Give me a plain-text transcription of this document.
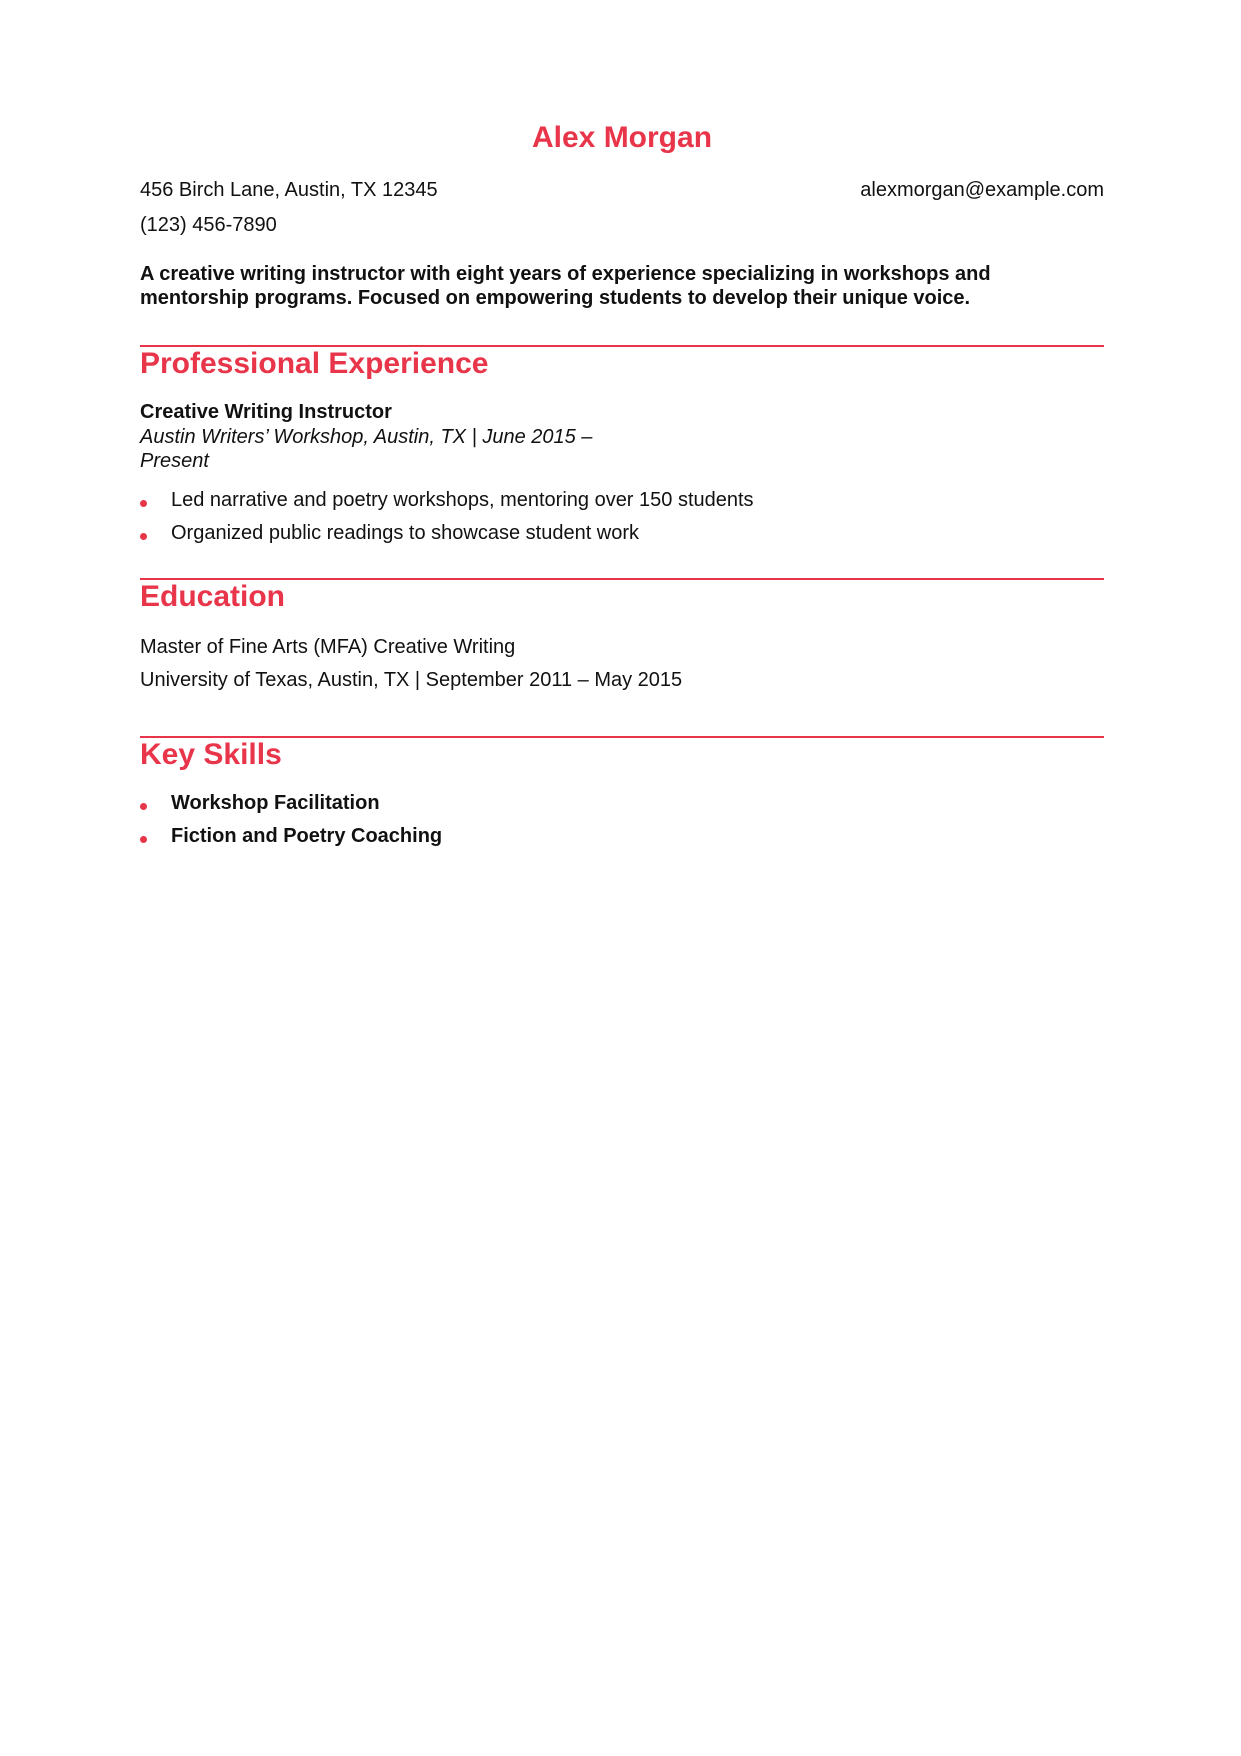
Alex Morgan
456 Birch Lane, Austin, TX 12345	alexmorgan@example.com
(123) 456-7890

A creative writing instructor with eight years of experience specializing in workshops and mentorship programs. Focused on empowering students to develop their unique voice.

Professional Experience
Creative Writing Instructor
Austin Writers’ Workshop, Austin, TX | June 2015 – Present
Led narrative and poetry workshops, mentoring over 150 students
Organized public readings to showcase student work
Education
Master of Fine Arts (MFA) Creative Writing
University of Texas, Austin, TX | September 2011 – May 2015
Key Skills
Workshop Facilitation
Fiction and Poetry Coaching
